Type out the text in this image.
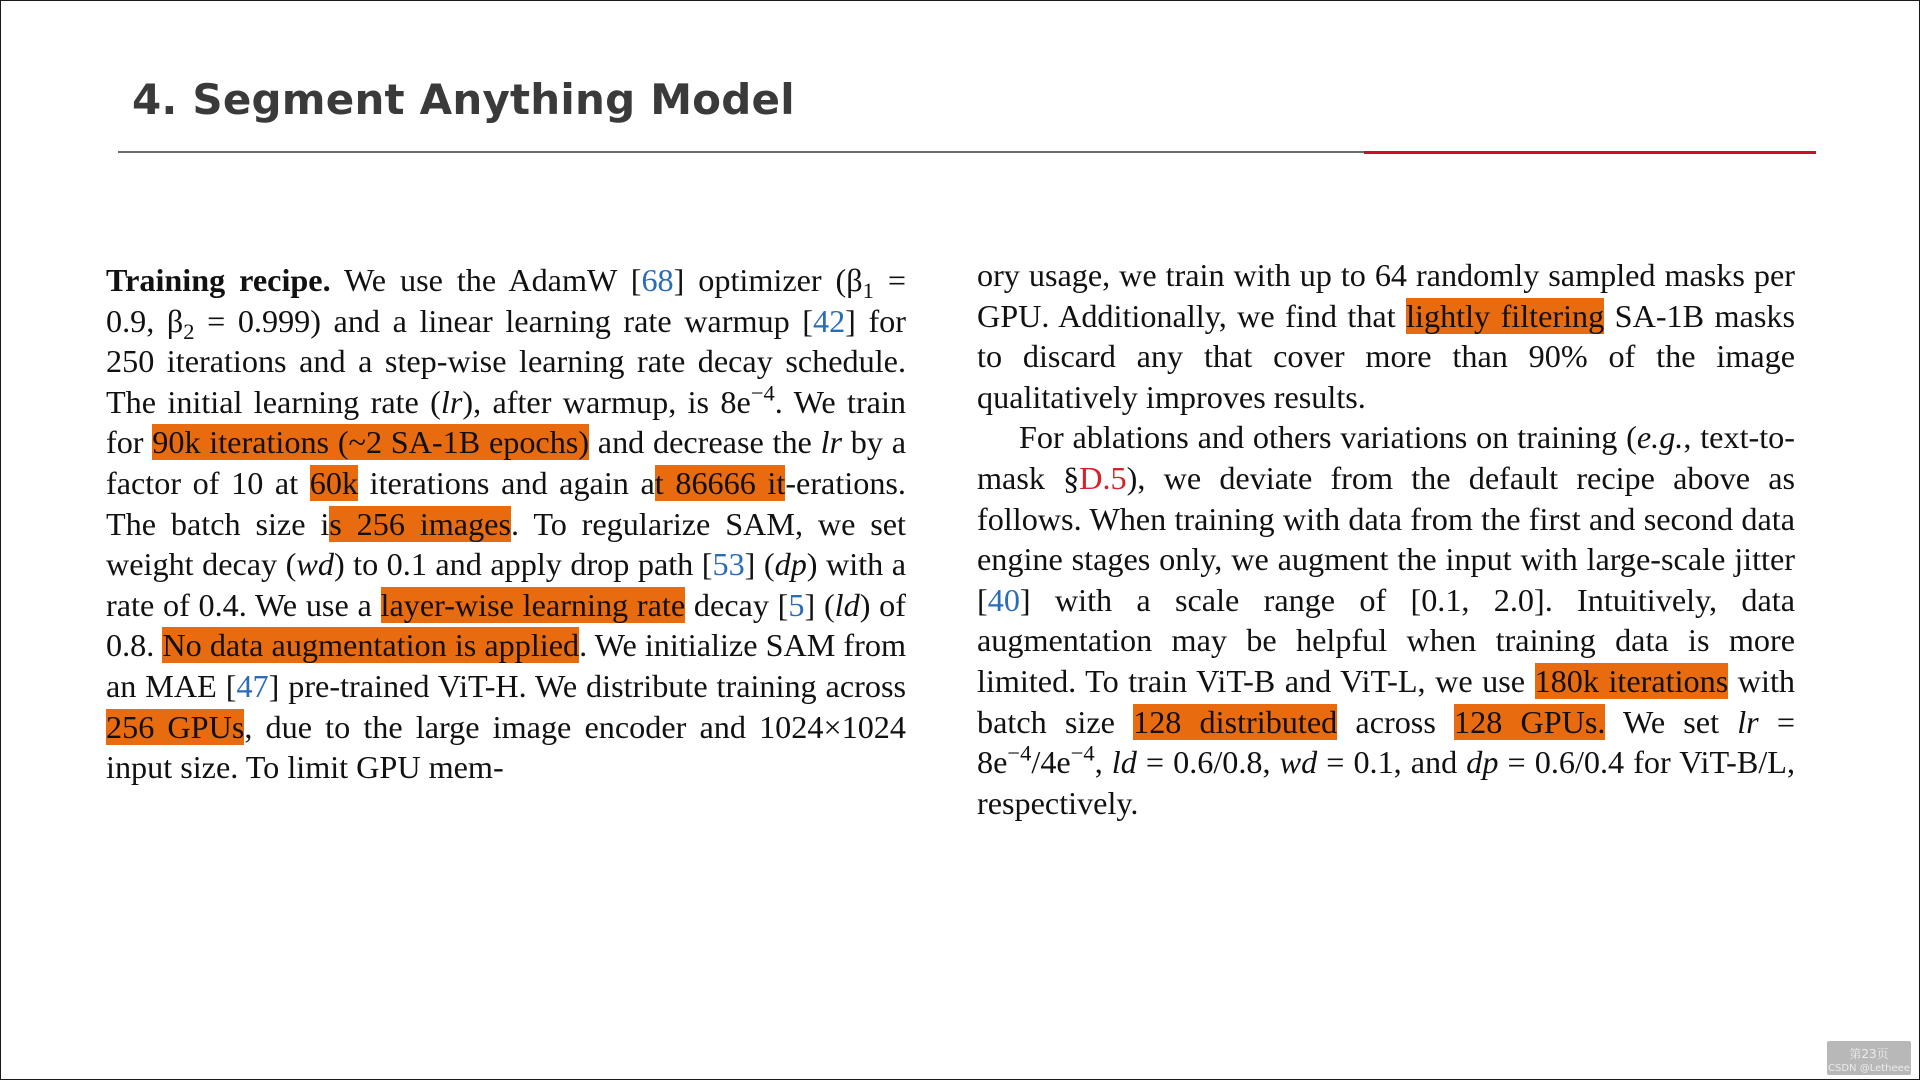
4. Segment Anything Model

Training recipe. We use the AdamW [68] optimizer ($\beta_1 = 0.9$, $\beta_2 = 0.999$) and a linear learning rate warmup [42] for 250 iterations and a step-wise learning rate decay schedule. The initial learning rate (lr), after warmup, is $8e^{-4}$. We train for 90k iterations (~2 SA-1B epochs) and decrease the lr by a factor of 10 at 60k iterations and again at 86666 it-erations. The batch size is 256 images. To regularize SAM, we set weight decay (wd) to 0.1 and apply drop path [53] (dp) with a rate of 0.4. We use a layer-wise learning rate decay [5] (ld) of 0.8. No data augmentation is applied. We initialize SAM from an MAE [47] pre-trained ViT-H. We distribute training across 256 GPUs, due to the large image encoder and 1024×1024 input size. To limit GPU mem-

ory usage, we train with up to 64 randomly sampled masks per GPU. Additionally, we find that lightly filtering SA-1B masks to discard any that cover more than 90% of the image qualitatively improves results.

For ablations and others variations on training (e.g., text-to-mask §D.5), we deviate from the default recipe above as follows. When training with data from the first and second data engine stages only, we augment the input with large-scale jitter [40] with a scale range of [0.1, 2.0]. Intuitively, data augmentation may be helpful when training data is more limited. To train ViT-B and ViT-L, we use 180k iterations with batch size 128 distributed across 128 GPUs. We set lr = $8e^{-4}/4e^{-4}$, ld = 0.6/0.8, wd = 0.1, and dp = 0.6/0.4 for ViT-B/L, respectively.

第23页
CSDN @Letheee
